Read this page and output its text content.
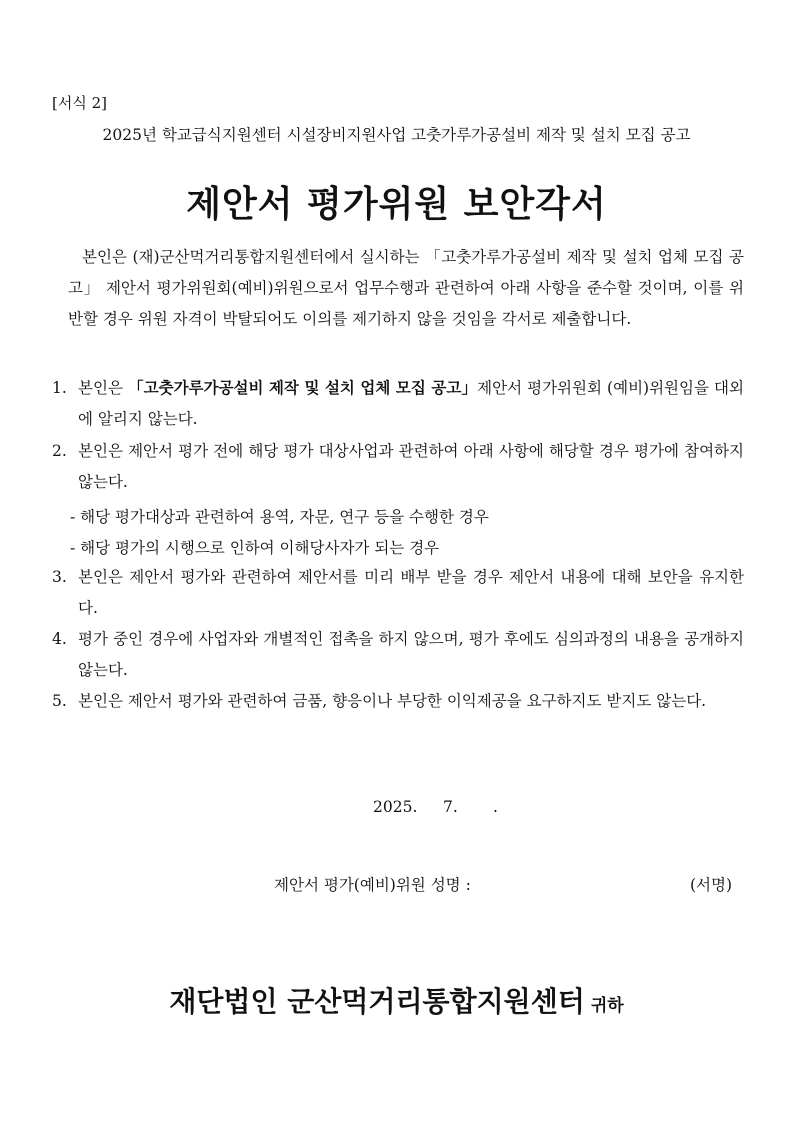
[서식 2]
2025년 학교급식지원센터 시설장비지원사업 고춧가루가공설비 제작 및 설치 모집 공고
제안서 평가위원 보안각서
본인은 (재)군산먹거리통합지원센터에서 실시하는 「고춧가루가공설비 제작 및 설치 업체 모집 공고」 제안서 평가위원회(예비)위원으로서 업무수행과 관련하여 아래 사항을 준수할 것이며, 이를 위반할 경우 위원 자격이 박탈되어도 이의를 제기하지 않을 것임을 각서로 제출합니다.
1. 본인은 「고춧가루가공설비 제작 및 설치 업체 모집 공고」제안서 평가위원회 (예비)위원임을 대외에 알리지 않는다.
2. 본인은 제안서 평가 전에 해당 평가 대상사업과 관련하여 아래 사항에 해당할 경우 평가에 참여하지 않는다.
- 해당 평가대상과 관련하여 용역, 자문, 연구 등을 수행한 경우
- 해당 평가의 시행으로 인하여 이해당사자가 되는 경우
3. 본인은 제안서 평가와 관련하여 제안서를 미리 배부 받을 경우 제안서 내용에 대해 보안을 유지한다.
4. 평가 중인 경우에 사업자와 개별적인 접촉을 하지 않으며, 평가 후에도 심의과정의 내용을 공개하지 않는다.
5. 본인은 제안서 평가와 관련하여 금품, 향응이나 부당한 이익제공을 요구하지도 받지도 않는다.
2025. 7. .
제안서 평가(예비)위원 성명 :	(서명)
재단법인 군산먹거리통합지원센터 귀하
